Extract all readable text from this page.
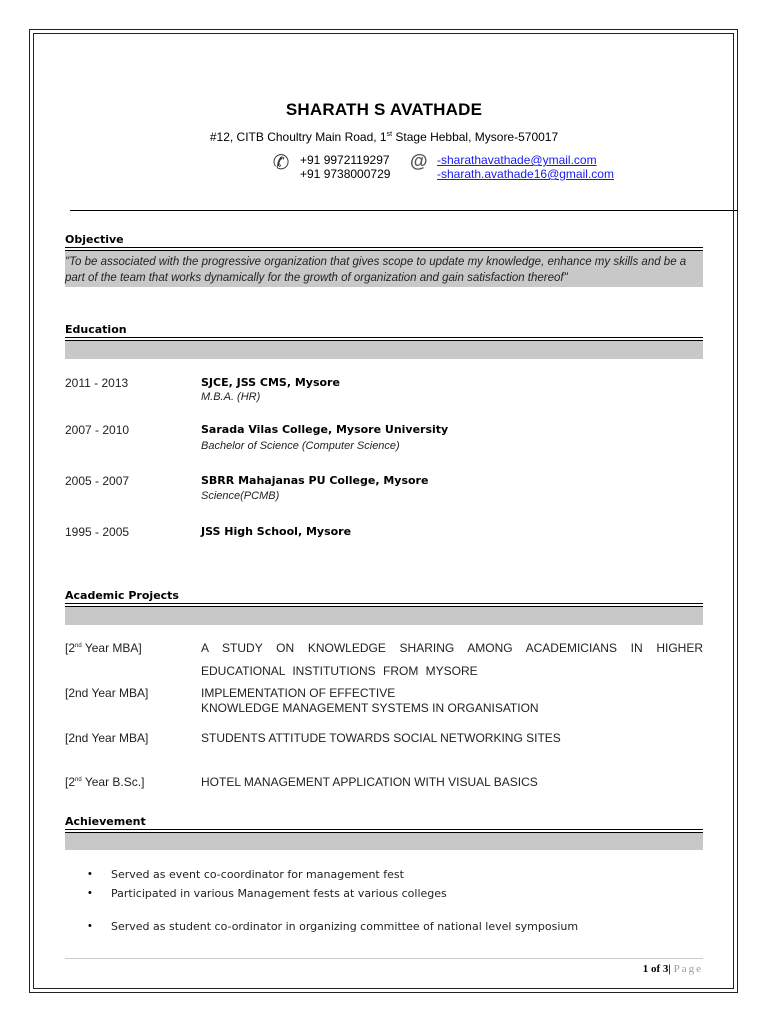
SHARATH S AVATHADE
#12, CITB Choultry Main Road, 1st Stage Hebbal, Mysore-570017
✆ +91 9972119297
+91 9738000729
@ -sharathavathade@ymail.com
-sharath.avathade16@gmail.com
Objective
"To be associated with the progressive organization that gives scope to update my knowledge, enhance my skills and be a part of the team that works dynamically for the growth of organization and gain satisfaction thereof"
Education
2011 - 2013	SJCE, JSS CMS, Mysore
M.B.A. (HR)
2007 - 2010	Sarada Vilas College, Mysore University
Bachelor of Science (Computer Science)
2005 - 2007	SBRR Mahajanas PU College, Mysore
Science(PCMB)
1995 - 2005	JSS High School, Mysore
Academic Projects
[2nd Year MBA]	A STUDY ON KNOWLEDGE SHARING AMONG ACADEMICIANS IN HIGHER
EDUCATIONAL INSTITUTIONS FROM MYSORE
[2nd Year MBA]	IMPLEMENTATION OF EFFECTIVE
KNOWLEDGE MANAGEMENT SYSTEMS IN ORGANISATION
[2nd Year MBA]	STUDENTS ATTITUDE TOWARDS SOCIAL NETWORKING SITES
[2nd Year B.Sc.]	HOTEL MANAGEMENT APPLICATION WITH VISUAL BASICS
Achievement
• Served as event co-coordinator for management fest
• Participated in various Management fests at various colleges
• Served as student co-ordinator in organizing committee of national level symposium
1 of 3| Page
